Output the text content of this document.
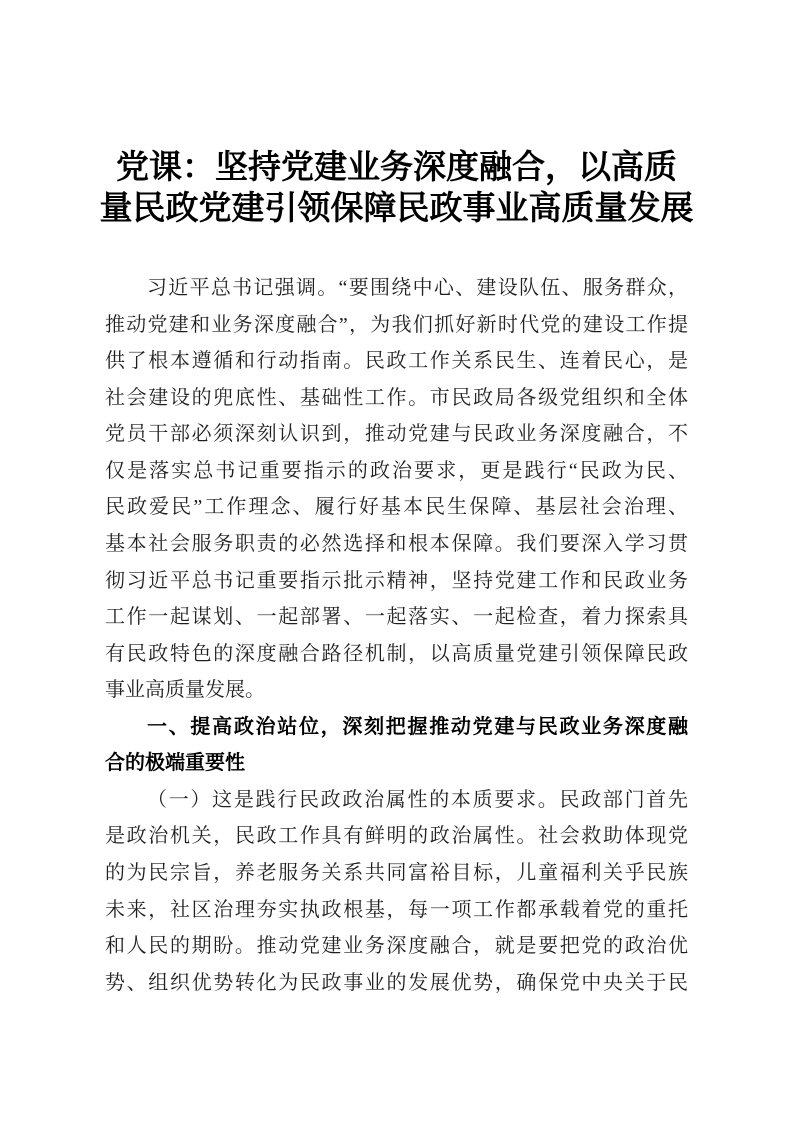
党课：坚持党建业务深度融合，以高质
量民政党建引领保障民政事业高质量发展
习近平总书记强调。“要围绕中心、建设队伍、服务群众，
推动党建和业务深度融合”，为我们抓好新时代党的建设工作提
供了根本遵循和行动指南。民政工作关系民生、连着民心，是
社会建设的兜底性、基础性工作。市民政局各级党组织和全体
党员干部必须深刻认识到，推动党建与民政业务深度融合，不
仅是落实总书记重要指示的政治要求，更是践行“民政为民、
民政爱民”工作理念、履行好基本民生保障、基层社会治理、
基本社会服务职责的必然选择和根本保障。我们要深入学习贯
彻习近平总书记重要指示批示精神，坚持党建工作和民政业务
工作一起谋划、一起部署、一起落实、一起检查，着力探索具
有民政特色的深度融合路径机制，以高质量党建引领保障民政
事业高质量发展。
一、提高政治站位，深刻把握推动党建与民政业务深度融
合的极端重要性
（一）这是践行民政政治属性的本质要求。民政部门首先
是政治机关，民政工作具有鲜明的政治属性。社会救助体现党
的为民宗旨，养老服务关系共同富裕目标，儿童福利关乎民族
未来，社区治理夯实执政根基，每一项工作都承载着党的重托
和人民的期盼。推动党建业务深度融合，就是要把党的政治优
势、组织优势转化为民政事业的发展优势，确保党中央关于民
